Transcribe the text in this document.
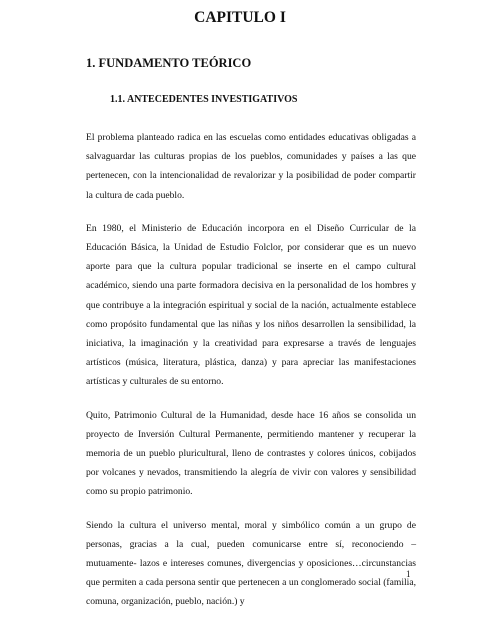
CAPITULO I
1. FUNDAMENTO TEÓRICO
1.1. ANTECEDENTES INVESTIGATIVOS

El problema planteado radica en las escuelas como entidades educativas obligadas a salvaguardar las culturas propias de los pueblos, comunidades y países a las que pertenecen, con la intencionalidad de revalorizar y la posibilidad de poder compartir la cultura de cada pueblo.

En 1980, el Ministerio de Educación incorpora en el Diseño Curricular de la Educación Básica, la Unidad de Estudio Folclor, por considerar que es un nuevo aporte para que la cultura popular tradicional se inserte en el campo cultural académico, siendo una parte formadora decisiva en la personalidad de los hombres y que contribuye a la integración espiritual y social de la nación, actualmente establece como propósito fundamental que las niñas y los niños desarrollen la sensibilidad, la iniciativa, la imaginación y la creatividad para expresarse a través de lenguajes artísticos (música, literatura, plástica, danza) y para apreciar las manifestaciones artísticas y culturales de su entorno.

Quito, Patrimonio Cultural de la Humanidad, desde hace 16 años se consolida un proyecto de Inversión Cultural Permanente, permitiendo mantener y recuperar la memoria de un pueblo pluricultural, lleno de contrastes y colores únicos, cobijados por volcanes y nevados, transmitiendo la alegría de vivir con valores y sensibilidad como su propio patrimonio.

Siendo la cultura el universo mental, moral y simbólico común a un grupo de personas, gracias a la cual, pueden comunicarse entre sí, reconociendo – mutuamente- lazos e intereses comunes, divergencias y oposiciones…circunstancias que permiten a cada persona sentir que pertenecen a un conglomerado social (familia, comuna, organización, pueblo, nación.) y

1
